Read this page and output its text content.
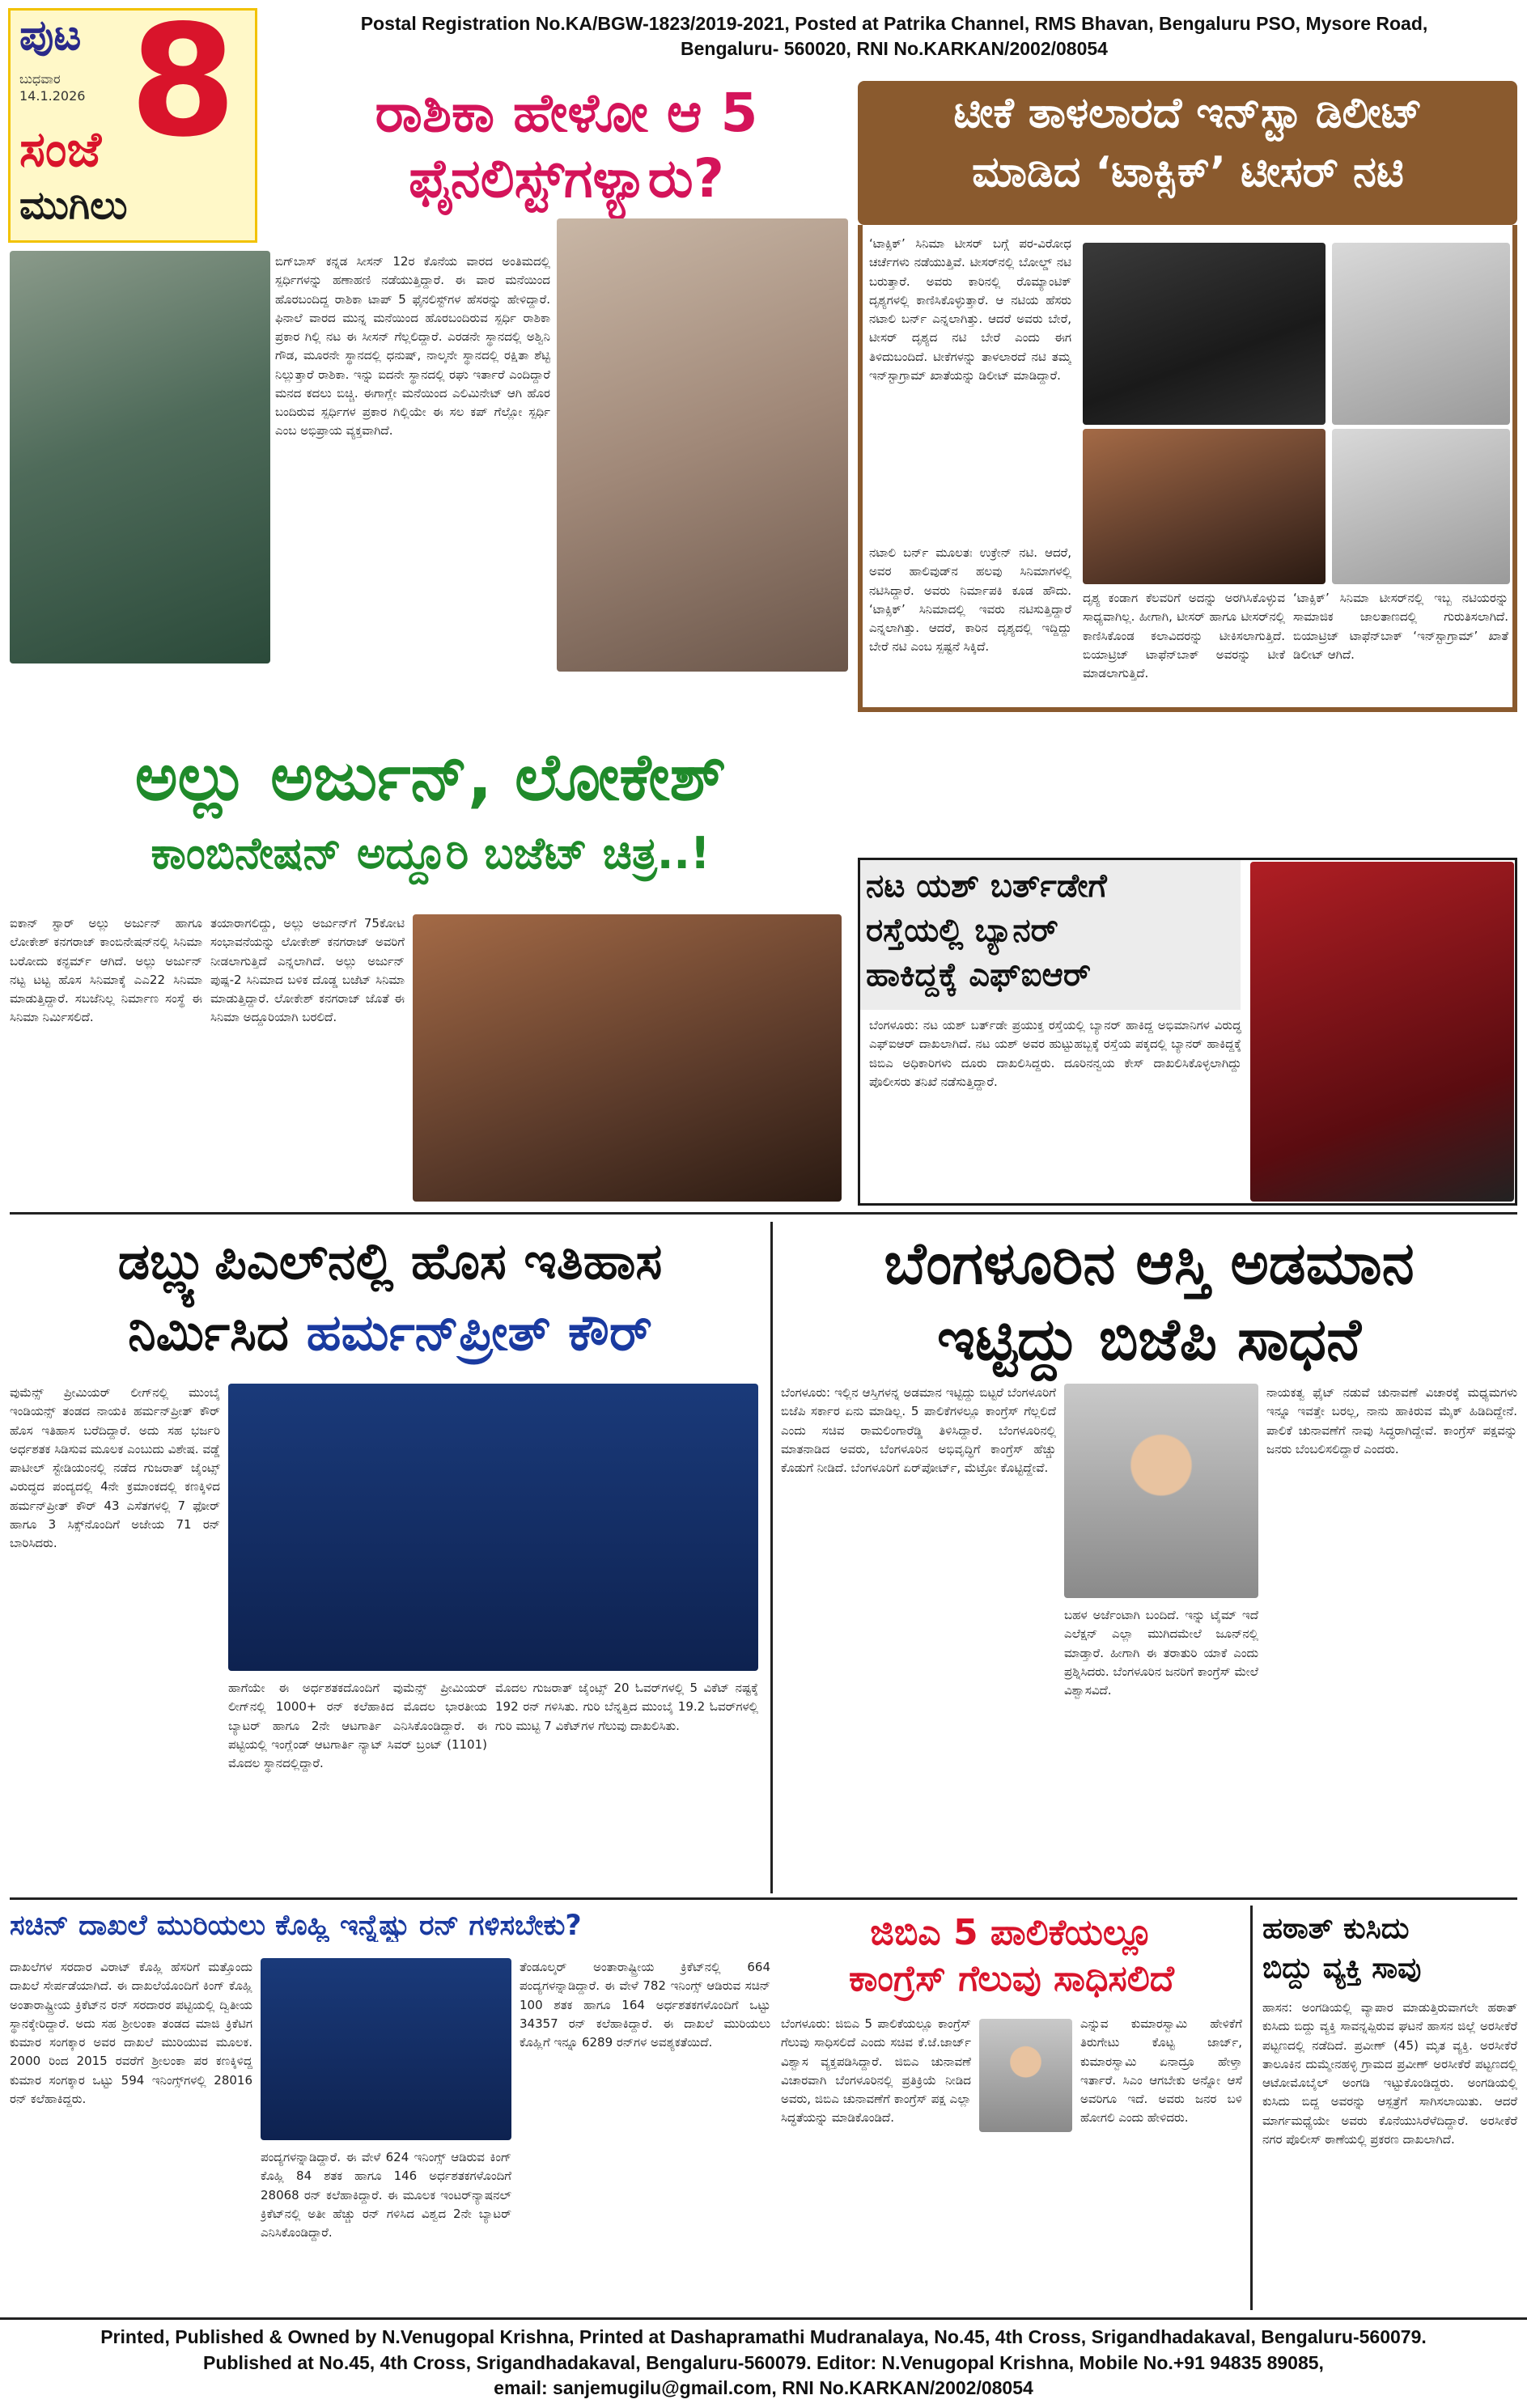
ಪುಟ 8
ಬುಧವಾರ
14.1.2026
ಸಂಜೆ
ಮುಗಿಲು
Postal Registration No.KA/BGW-1823/2019-2021, Posted at Patrika Channel, RMS Bhavan, Bengaluru PSO, Mysore Road,
Bengaluru- 560020, RNI No.KARKAN/2002/08054
ರಾಶಿಕಾ ಹೇಳೋ ಆ 5
ಫೈನಲಿಸ್ಟ್‌ಗಳ್ಯಾರು?
ಬಿಗ್‌ಬಾಸ್ ಕನ್ನಡ ಸೀಸನ್ 12ರ ಕೊನೆಯ ವಾರದ ಅಂತಿಮದಲ್ಲಿ ಸ್ಪರ್ಧಿಗಳನ್ನು ಹಣಾಹಣಿ ನಡೆಯುತ್ತಿದ್ದಾರೆ. ಈ ವಾರ ಮನೆಯಿಂದ ಹೊರಬಂದಿದ್ದ ರಾಶಿಕಾ ಟಾಪ್ 5 ಫೈನಲಿಸ್ಟ್‌ಗಳ ಹೆಸರನ್ನು ಹೇಳಿದ್ದಾರೆ. ಫಿನಾಲೆ ವಾರದ ಮುನ್ನ ಮನೆಯಿಂದ ಹೊರಬಂದಿರುವ ಸ್ಪರ್ಧಿ ರಾಶಿಕಾ ಪ್ರಕಾರ ಗಿಲ್ಲಿ ನಟ ಈ ಸೀಸನ್ ಗೆಲ್ಲಲಿದ್ದಾರೆ. ಎರಡನೇ ಸ್ಥಾನದಲ್ಲಿ ಅಶ್ವಿನಿ ಗೌಡ, ಮೂರನೇ ಸ್ಥಾನದಲ್ಲಿ ಧನುಷ್, ನಾಲ್ಕನೇ ಸ್ಥಾನದಲ್ಲಿ ರಕ್ಷಿತಾ ಶೆಟ್ಟಿ ನಿಲ್ಲುತ್ತಾರೆ ರಾಶಿಕಾ. ಇನ್ನು ಐದನೇ ಸ್ಥಾನದಲ್ಲಿ ರಘು ಇರ್ತಾರೆ ಎಂದಿದ್ದಾರೆ ಮನದ ಕದಲು ಬಿಚ್ಚಿ. ಈಗಾಗ್ಲೇ ಮನೆಯಿಂದ ಎಲಿಮಿನೇಟ್ ಆಗಿ ಹೊರ ಬಂದಿರುವ ಸ್ಪರ್ಧಿಗಳ ಪ್ರಕಾರ ಗಿಲ್ಲಿಯೇ ಈ ಸಲ ಕಪ್ ಗೆಲ್ಲೋ ಸ್ಪರ್ಧಿ ಎಂಬ ಅಭಿಪ್ರಾಯ ವ್ಯಕ್ತವಾಗಿದೆ.
ಟೀಕೆ ತಾಳಲಾರದೆ ಇನ್‌ಸ್ಟಾ ಡಿಲೀಟ್
ಮಾಡಿದ ‘ಟಾಕ್ಸಿಕ್’ ಟೀಸರ್ ನಟಿ
‘ಟಾಕ್ಸಿಕ್’ ಸಿನಿಮಾ ಟೀಸರ್ ಬಗ್ಗೆ ಪರ-ವಿರೋಧ ಚರ್ಚೆಗಳು ನಡೆಯುತ್ತಿವೆ. ಟೀಸರ್‌ನಲ್ಲಿ ಬೋಲ್ಡ್ ನಟಿ ಬರುತ್ತಾರೆ. ಅವರು ಕಾರಿನಲ್ಲಿ ರೊಮ್ಯಾಂಟಿಕ್ ದೃಶ್ಯಗಳಲ್ಲಿ ಕಾಣಿಸಿಕೊಳ್ಳುತ್ತಾರೆ. ಆ ನಟಿಯ ಹೆಸರು ನಟಾಲಿ ಬರ್ನ್ ಎನ್ನಲಾಗಿತ್ತು. ಆದರೆ ಅವರು ಬೇರೆ, ಟೀಸರ್ ದೃಶ್ಯದ ನಟಿ ಬೇರೆ ಎಂದು ಈಗ ತಿಳಿದುಬಂದಿದೆ. ಟೀಕೆಗಳನ್ನು ತಾಳಲಾರದೆ ನಟಿ ತಮ್ಮ ಇನ್‌ಸ್ಟಾಗ್ರಾಮ್ ಖಾತೆಯನ್ನು ಡಿಲೀಟ್ ಮಾಡಿದ್ದಾರೆ.
ನಟಾಲಿ ಬರ್ನ್ ಮೂಲತಃ ಉಕ್ರೇನ್ ನಟಿ. ಆದರೆ, ಅವರ ಹಾಲಿವುಡ್‌ನ ಹಲವು ಸಿನಿಮಾಗಳಲ್ಲಿ ನಟಿಸಿದ್ದಾರೆ. ಅವರು ನಿರ್ಮಾಪಕಿ ಕೂಡ ಹೌದು. ‘ಟಾಕ್ಸಿಕ್’ ಸಿನಿಮಾದಲ್ಲಿ ಇವರು ನಟಿಸುತ್ತಿದ್ದಾರೆ ಎನ್ನಲಾಗಿತ್ತು. ಆದರೆ, ಕಾರಿನ ದೃಶ್ಯದಲ್ಲಿ ಇದ್ದಿದ್ದು ಬೇರೆ ನಟಿ ಎಂಬ ಸ್ಪಷ್ಟನೆ ಸಿಕ್ಕಿದೆ.
ದೃಶ್ಯ ಕಂಡಾಗ ಕೆಲವರಿಗೆ ಅದನ್ನು ಅರಗಿಸಿಕೊಳ್ಳುವ ಸಾಧ್ಯವಾಗಿಲ್ಲ. ಹೀಗಾಗಿ, ಟೀಸರ್ ಹಾಗೂ ಟೀಸರ್‌ನಲ್ಲಿ ಕಾಣಿಸಿಕೊಂಡ ಕಲಾವಿದರನ್ನು ಟೀಕಿಸಲಾಗುತ್ತಿದೆ. ಬಿಯಾಟ್ರಿಜ್ ಟಾಫೆನ್‌ಬಾಕ್ ಅವರನ್ನು ಟೀಕೆ ಮಾಡಲಾಗುತ್ತಿದೆ.
‘ಟಾಕ್ಸಿಕ್’ ಸಿನಿಮಾ ಟೀಸರ್‌ನಲ್ಲಿ ಇಬ್ಬ ನಟಿಯರನ್ನು ಸಾಮಾಜಿಕ ಜಾಲತಾಣದಲ್ಲಿ ಗುರುತಿಸಲಾಗಿದೆ. ಬಿಯಾಟ್ರಿಜ್ ಟಾಫೆನ್‌ಬಾಕ್ ‘ಇನ್‌ಸ್ಟಾಗ್ರಾಮ್’ ಖಾತೆ ಡಿಲೀಟ್ ಆಗಿದೆ.
ಅಲ್ಲು ಅರ್ಜುನ್, ಲೋಕೇಶ್
ಕಾಂಬಿನೇಷನ್ ಅದ್ದೂರಿ ಬಜೆಟ್ ಚಿತ್ರ..!
ಐಕಾನ್ ಸ್ಟಾರ್ ಅಲ್ಲು ಅರ್ಜುನ್ ಹಾಗೂ ಲೋಕೇಶ್ ಕನಗರಾಜ್ ಕಾಂಬಿನೇಷನ್‌ನಲ್ಲಿ ಸಿನಿಮಾ ಬರೋದು ಕನ್ಫರ್ಮ್ ಆಗಿದೆ. ಅಲ್ಲು ಅರ್ಜುನ್ ನಟ್ಟ ಟಟ್ಟ ಹೊಸ ಸಿನಿಮಾಕ್ಕೆ ಎಎ22 ಸಿನಿಮಾ ಮಾಡುತ್ತಿದ್ದಾರೆ. ಸಬಜೆನಿಲ್ಲ ನಿರ್ಮಾಣ ಸಂಸ್ಥೆ ಈ ಸಿನಿಮಾ ನಿರ್ಮಿಸಲಿದೆ.
ತಯಾರಾಗಲಿದ್ದು, ಅಲ್ಲು ಅರ್ಜುನ್‌ಗೆ 75ಕೋಟಿ ಸಂಭಾವನೆಯನ್ನು ಲೋಕೇಶ್ ಕನಗರಾಜ್ ಅವರಿಗೆ ನೀಡಲಾಗುತ್ತಿದೆ ಎನ್ನಲಾಗಿದೆ. ಅಲ್ಲು ಅರ್ಜುನ್ ಪುಷ್ಪ-2 ಸಿನಿಮಾದ ಬಳಿಕ ದೊಡ್ಡ ಬಜೆಟ್ ಸಿನಿಮಾ ಮಾಡುತ್ತಿದ್ದಾರೆ. ಲೋಕೇಶ್ ಕನಗರಾಜ್ ಜೊತೆ ಈ ಸಿನಿಮಾ ಅದ್ದೂರಿಯಾಗಿ ಬರಲಿದೆ.
ನಟ ಯಶ್ ಬರ್ತ್‌ಡೇಗೆ
ರಸ್ತೆಯಲ್ಲಿ ಬ್ಯಾನರ್
ಹಾಕಿದ್ದಕ್ಕೆ ಎಫ್‌ಐಆರ್
ಬೆಂಗಳೂರು: ನಟ ಯಶ್ ಬರ್ತ್‌ಡೇ ಪ್ರಯುಕ್ತ ರಸ್ತೆಯಲ್ಲಿ ಬ್ಯಾನರ್ ಹಾಕಿದ್ದ ಅಭಿಮಾನಿಗಳ ವಿರುದ್ಧ ಎಫ್‌ಐಆರ್ ದಾಖಲಾಗಿದೆ. ನಟ ಯಶ್ ಅವರ ಹುಟ್ಟುಹಬ್ಬಕ್ಕೆ ರಸ್ತೆಯ ಪಕ್ಕದಲ್ಲಿ ಬ್ಯಾನರ್ ಹಾಕಿದ್ದಕ್ಕೆ ಜಿಬಿಎ ಅಧಿಕಾರಿಗಳು ದೂರು ದಾಖಲಿಸಿದ್ದರು. ದೂರಿನನ್ವಯ ಕೇಸ್ ದಾಖಲಿಸಿಕೊಳ್ಳಲಾಗಿದ್ದು ಪೊಲೀಸರು ತನಿಖೆ ನಡೆಸುತ್ತಿದ್ದಾರೆ.
ಡಬ್ಲ್ಯುಪಿಎಲ್‌ನಲ್ಲಿ ಹೊಸ ಇತಿಹಾಸ
ನಿರ್ಮಿಸಿದ ಹರ್ಮನ್‌ಪ್ರೀತ್ ಕೌರ್
ವುಮೆನ್ಸ್ ಪ್ರೀಮಿಯರ್ ಲೀಗ್‌ನಲ್ಲಿ ಮುಂಬೈ ಇಂಡಿಯನ್ಸ್ ತಂಡದ ನಾಯಕಿ ಹರ್ಮನ್‌ಪ್ರೀತ್ ಕೌರ್ ಹೊಸ ಇತಿಹಾಸ ಬರೆದಿದ್ದಾರೆ. ಅದು ಸಹ ಭರ್ಜರಿ ಅರ್ಧಶತಕ ಸಿಡಿಸುವ ಮೂಲಕ ಎಂಬುದು ವಿಶೇಷ. ವಡ್ಡೆ ಪಾಟೀಲ್ ಸ್ಟೇಡಿಯಂನಲ್ಲಿ ನಡೆದ ಗುಜರಾತ್ ಜೈಂಟ್ಸ್ ವಿರುದ್ಧದ ಪಂದ್ಯದಲ್ಲಿ 4ನೇ ಕ್ರಮಾಂಕದಲ್ಲಿ ಕಣಕ್ಕಿಳಿದ ಹರ್ಮನ್‌ಪ್ರೀತ್ ಕೌರ್ 43 ಎಸೆತಗಳಲ್ಲಿ 7 ಫೋರ್ ಹಾಗೂ 3 ಸಿಕ್ಸ್‌ನೊಂದಿಗೆ ಅಜೇಯ 71 ರನ್ ಬಾರಿಸಿದರು.
ಹಾಗೆಯೇ ಈ ಅರ್ಧಶತಕದೊಂದಿಗೆ ವುಮೆನ್ಸ್ ಪ್ರೀಮಿಯರ್ ಲೀಗ್‌ನಲ್ಲಿ 1000+ ರನ್ ಕಲೆಹಾಕಿದ ಮೊದಲ ಭಾರತೀಯ ಬ್ಯಾಟರ್ ಹಾಗೂ 2ನೇ ಆಟಗಾರ್ತಿ ಎನಿಸಿಕೊಂಡಿದ್ದಾರೆ. ಈ ಪಟ್ಟಿಯಲ್ಲಿ ಇಂಗ್ಲೆಂಡ್ ಆಟಗಾರ್ತಿ ನ್ಯಾಟ್ ಸಿವರ್ ಬ್ರಂಟ್ (1101) ಮೊದಲ ಸ್ಥಾನದಲ್ಲಿದ್ದಾರೆ.
ಮೊದಲ ಗುಜರಾತ್ ಜೈಂಟ್ಸ್ 20 ಓವರ್‌ಗಳಲ್ಲಿ 5 ವಿಕೆಟ್ ನಷ್ಟಕ್ಕೆ 192 ರನ್ ಗಳಿಸಿತು. ಗುರಿ ಬೆನ್ನತ್ತಿದ ಮುಂಬೈ 19.2 ಓವರ್‌ಗಳಲ್ಲಿ ಗುರಿ ಮುಟ್ಟಿ 7 ವಿಕೆಟ್‌ಗಳ ಗೆಲುವು ದಾಖಲಿಸಿತು.
ಬೆಂಗಳೂರಿನ ಆಸ್ತಿ ಅಡಮಾನ
ಇಟ್ಟಿದ್ದು ಬಿಜೆಪಿ ಸಾಧನೆ
ಬೆಂಗಳೂರು: ಇಲ್ಲಿನ ಆಸ್ತಿಗಳನ್ನ ಅಡಮಾನ ಇಟ್ಟಿದ್ದು ಬಿಟ್ಟರೆ ಬೆಂಗಳೂರಿಗೆ ಬಿಜೆಪಿ ಸರ್ಕಾರ ಏನು ಮಾಡಿಲ್ಲ. 5 ಪಾಲಿಕೆಗಳಲ್ಲೂ ಕಾಂಗ್ರೆಸ್ ಗೆಲ್ಲಲಿದೆ ಎಂದು ಸಚಿವ ರಾಮಲಿಂಗಾರೆಡ್ಡಿ ತಿಳಿಸಿದ್ದಾರೆ. ಬೆಂಗಳೂರಿನಲ್ಲಿ ಮಾತನಾಡಿದ ಅವರು, ಬೆಂಗಳೂರಿನ ಅಭಿವೃದ್ಧಿಗೆ ಕಾಂಗ್ರೆಸ್ ಹೆಚ್ಚು ಕೊಡುಗೆ ನೀಡಿದೆ. ಬೆಂಗಳೂರಿಗೆ ಏರ್‌ಪೋರ್ಟ್, ಮೆಟ್ರೋ ಕೊಟ್ಟಿದ್ದೇವೆ.
ಬಹಳ ಅರ್ಜೆಂಟಾಗಿ ಬಂದಿದೆ. ಇನ್ನು ಟೈಮ್ ಇದೆ ಎಲೆಕ್ಷನ್ ಎಲ್ಲಾ ಮುಗಿದಮೇಲೆ ಜೂನ್‌ನಲ್ಲಿ ಮಾಡ್ತಾರೆ. ಹೀಗಾಗಿ ಈ ತರಾತುರಿ ಯಾಕೆ ಎಂದು ಪ್ರಶ್ನಿಸಿದರು. ಬೆಂಗಳೂರಿನ ಜನರಿಗೆ ಕಾಂಗ್ರೆಸ್ ಮೇಲೆ ವಿಶ್ವಾಸವಿದೆ.
ನಾಯಕತ್ವ ಫೈಟ್ ನಡುವೆ ಚುನಾವಣೆ ವಿಚಾರಕ್ಕೆ ಮಧ್ಯಮಗಳು ಇನ್ನೂ ಇವತ್ತೇ ಬರಲ್ಲ, ನಾನು ಹಾಕಿರುವ ಮೈಕ್ ಹಿಡಿದಿದ್ದೇನೆ. ಪಾಲಿಕೆ ಚುನಾವಣೆಗೆ ನಾವು ಸಿದ್ಧರಾಗಿದ್ದೇವೆ. ಕಾಂಗ್ರೆಸ್ ಪಕ್ಷವನ್ನು ಜನರು ಬೆಂಬಲಿಸಲಿದ್ದಾರೆ ಎಂದರು.
ಸಚಿನ್ ದಾಖಲೆ ಮುರಿಯಲು ಕೊಹ್ಲಿ ಇನ್ನೆಷ್ಟು ರನ್ ಗಳಿಸಬೇಕು?
ದಾಖಲೆಗಳ ಸರದಾರ ವಿರಾಟ್ ಕೊಹ್ಲಿ ಹೆಸರಿಗೆ ಮತ್ತೊಂದು ದಾಖಲೆ ಸೇರ್ಪಡೆಯಾಗಿದೆ. ಈ ದಾಖಲೆಯೊಂದಿಗೆ ಕಿಂಗ್ ಕೊಹ್ಲಿ ಅಂತಾರಾಷ್ಟ್ರೀಯ ಕ್ರಿಕೆಟ್‌ನ ರನ್ ಸರದಾರರ ಪಟ್ಟಿಯಲ್ಲಿ ದ್ವಿತೀಯ ಸ್ಥಾನಕ್ಕೇರಿದ್ದಾರೆ. ಅದು ಸಹ ಶ್ರೀಲಂಕಾ ತಂಡದ ಮಾಜಿ ಕ್ರಿಕೆಟಿಗ ಕುಮಾರ ಸಂಗಕ್ಕಾರ ಅವರ ದಾಖಲೆ ಮುರಿಯುವ ಮೂಲಕ. 2000 ರಿಂದ 2015 ರವರೆಗೆ ಶ್ರೀಲಂಕಾ ಪರ ಕಣಕ್ಕಿಳಿದ್ದ ಕುಮಾರ ಸಂಗಕ್ಕಾರ ಒಟ್ಟು 594 ಇನಿಂಗ್ಸ್‌ಗಳಲ್ಲಿ 28016 ರನ್ ಕಲೆಹಾಕಿದ್ದರು.
ಪಂದ್ಯಗಳನ್ನಾಡಿದ್ದಾರೆ. ಈ ವೇಳೆ 624 ಇನಿಂಗ್ಸ್ ಆಡಿರುವ ಕಿಂಗ್ ಕೊಹ್ಲಿ 84 ಶತಕ ಹಾಗೂ 146 ಅರ್ಧಶತಕಗಳೊಂದಿಗೆ 28068 ರನ್ ಕಲೆಹಾಕಿದ್ದಾರೆ. ಈ ಮೂಲಕ ಇಂಟರ್‌ನ್ಯಾಷನಲ್ ಕ್ರಿಕೆಟ್‌ನಲ್ಲಿ ಅತೀ ಹೆಚ್ಚು ರನ್ ಗಳಿಸಿದ ವಿಶ್ವದ 2ನೇ ಬ್ಯಾಟರ್ ಎನಿಸಿಕೊಂಡಿದ್ದಾರೆ.
ತೆಂಡೂಲ್ಕರ್ ಅಂತಾರಾಷ್ಟ್ರೀಯ ಕ್ರಿಕೆಟ್‌ನಲ್ಲಿ 664 ಪಂದ್ಯಗಳನ್ನಾಡಿದ್ದಾರೆ. ಈ ವೇಳೆ 782 ಇನಿಂಗ್ಸ್ ಆಡಿರುವ ಸಚಿನ್ 100 ಶತಕ ಹಾಗೂ 164 ಅರ್ಧಶತಕಗಳೊಂದಿಗೆ ಒಟ್ಟು 34357 ರನ್ ಕಲೆಹಾಕಿದ್ದಾರೆ. ಈ ದಾಖಲೆ ಮುರಿಯಲು ಕೊಹ್ಲಿಗೆ ಇನ್ನೂ 6289 ರನ್‌ಗಳ ಅವಶ್ಯಕತೆಯಿದೆ.
ಜಿಬಿಎ 5 ಪಾಲಿಕೆಯಲ್ಲೂ
ಕಾಂಗ್ರೆಸ್ ಗೆಲುವು ಸಾಧಿಸಲಿದೆ
ಬೆಂಗಳೂರು: ಜಿಬಿಎ 5 ಪಾಲಿಕೆಯಲ್ಲೂ ಕಾಂಗ್ರೆಸ್ ಗೆಲುವು ಸಾಧಿಸಲಿದೆ ಎಂದು ಸಚಿವ ಕೆ.ಜೆ.ಜಾರ್ಜ್ ವಿಶ್ವಾಸ ವ್ಯಕ್ತಪಡಿಸಿದ್ದಾರೆ. ಜಿಬಿಎ ಚುನಾವಣೆ ವಿಚಾರವಾಗಿ ಬೆಂಗಳೂರಿನಲ್ಲಿ ಪ್ರತಿಕ್ರಿಯೆ ನೀಡಿದ ಅವರು, ಜಿಬಿಎ ಚುನಾವಣೆಗೆ ಕಾಂಗ್ರೆಸ್ ಪಕ್ಷ ಎಲ್ಲಾ ಸಿದ್ಧತೆಯನ್ನು ಮಾಡಿಕೊಂಡಿದೆ.
ಎನ್ನುವ ಕುಮಾರಸ್ವಾಮಿ ಹೇಳಿಕೆಗೆ ತಿರುಗೇಟು ಕೊಟ್ಟ ಜಾರ್ಜ್, ಕುಮಾರಸ್ವಾಮಿ ಏನಾದ್ರೂ ಹೇಳ್ತಾ ಇರ್ತಾರೆ. ಸಿಎಂ ಆಗಬೇಕು ಅನ್ನೋ ಆಸೆ ಅವರಿಗೂ ಇದೆ. ಅವರು ಜನರ ಬಳಿ ಹೋಗಲಿ ಎಂದು ಹೇಳಿದರು.
ಹಠಾತ್ ಕುಸಿದು
ಬಿದ್ದು ವ್ಯಕ್ತಿ ಸಾವು
ಹಾಸನ: ಅಂಗಡಿಯಲ್ಲಿ ವ್ಯಾಪಾರ ಮಾಡುತ್ತಿರುವಾಗಲೇ ಹಠಾತ್ ಕುಸಿದು ಬಿದ್ದು ವ್ಯಕ್ತಿ ಸಾವನ್ನಪ್ಪಿರುವ ಘಟನೆ ಹಾಸನ ಜಿಲ್ಲೆ ಅರಸೀಕೆರೆ ಪಟ್ಟಣದಲ್ಲಿ ನಡೆದಿದೆ. ಪ್ರವೀಣ್ (45) ಮೃತ ವ್ಯಕ್ತಿ. ಅರಸೀಕೆರೆ ತಾಲೂಕಿನ ದುಮ್ಮೇನಹಳ್ಳಿ ಗ್ರಾಮದ ಪ್ರವೀಣ್ ಅರಸೀಕೆರೆ ಪಟ್ಟಣದಲ್ಲಿ ಆಟೋಮೊಬೈಲ್ ಅಂಗಡಿ ಇಟ್ಟುಕೊಂಡಿದ್ದರು. ಅಂಗಡಿಯಲ್ಲಿ ಕುಸಿದು ಬಿದ್ದ ಅವರನ್ನು ಆಸ್ಪತ್ರೆಗೆ ಸಾಗಿಸಲಾಯಿತು. ಆದರೆ ಮಾರ್ಗಮಧ್ಯೆಯೇ ಅವರು ಕೊನೆಯುಸಿರೆಳೆದಿದ್ದಾರೆ. ಅರಸೀಕೆರೆ ನಗರ ಪೊಲೀಸ್ ಠಾಣೆಯಲ್ಲಿ ಪ್ರಕರಣ ದಾಖಲಾಗಿದೆ.
Printed, Published & Owned by N.Venugopal Krishna, Printed at Dashapramathi Mudranalaya, No.45, 4th Cross, Srigandhadakaval, Bengaluru-560079.
Published at No.45, 4th Cross, Srigandhadakaval, Bengaluru-560079. Editor: N.Venugopal Krishna, Mobile No.+91 94835 89085,
email: sanjemugilu@gmail.com, RNI No.KARKAN/2002/08054
